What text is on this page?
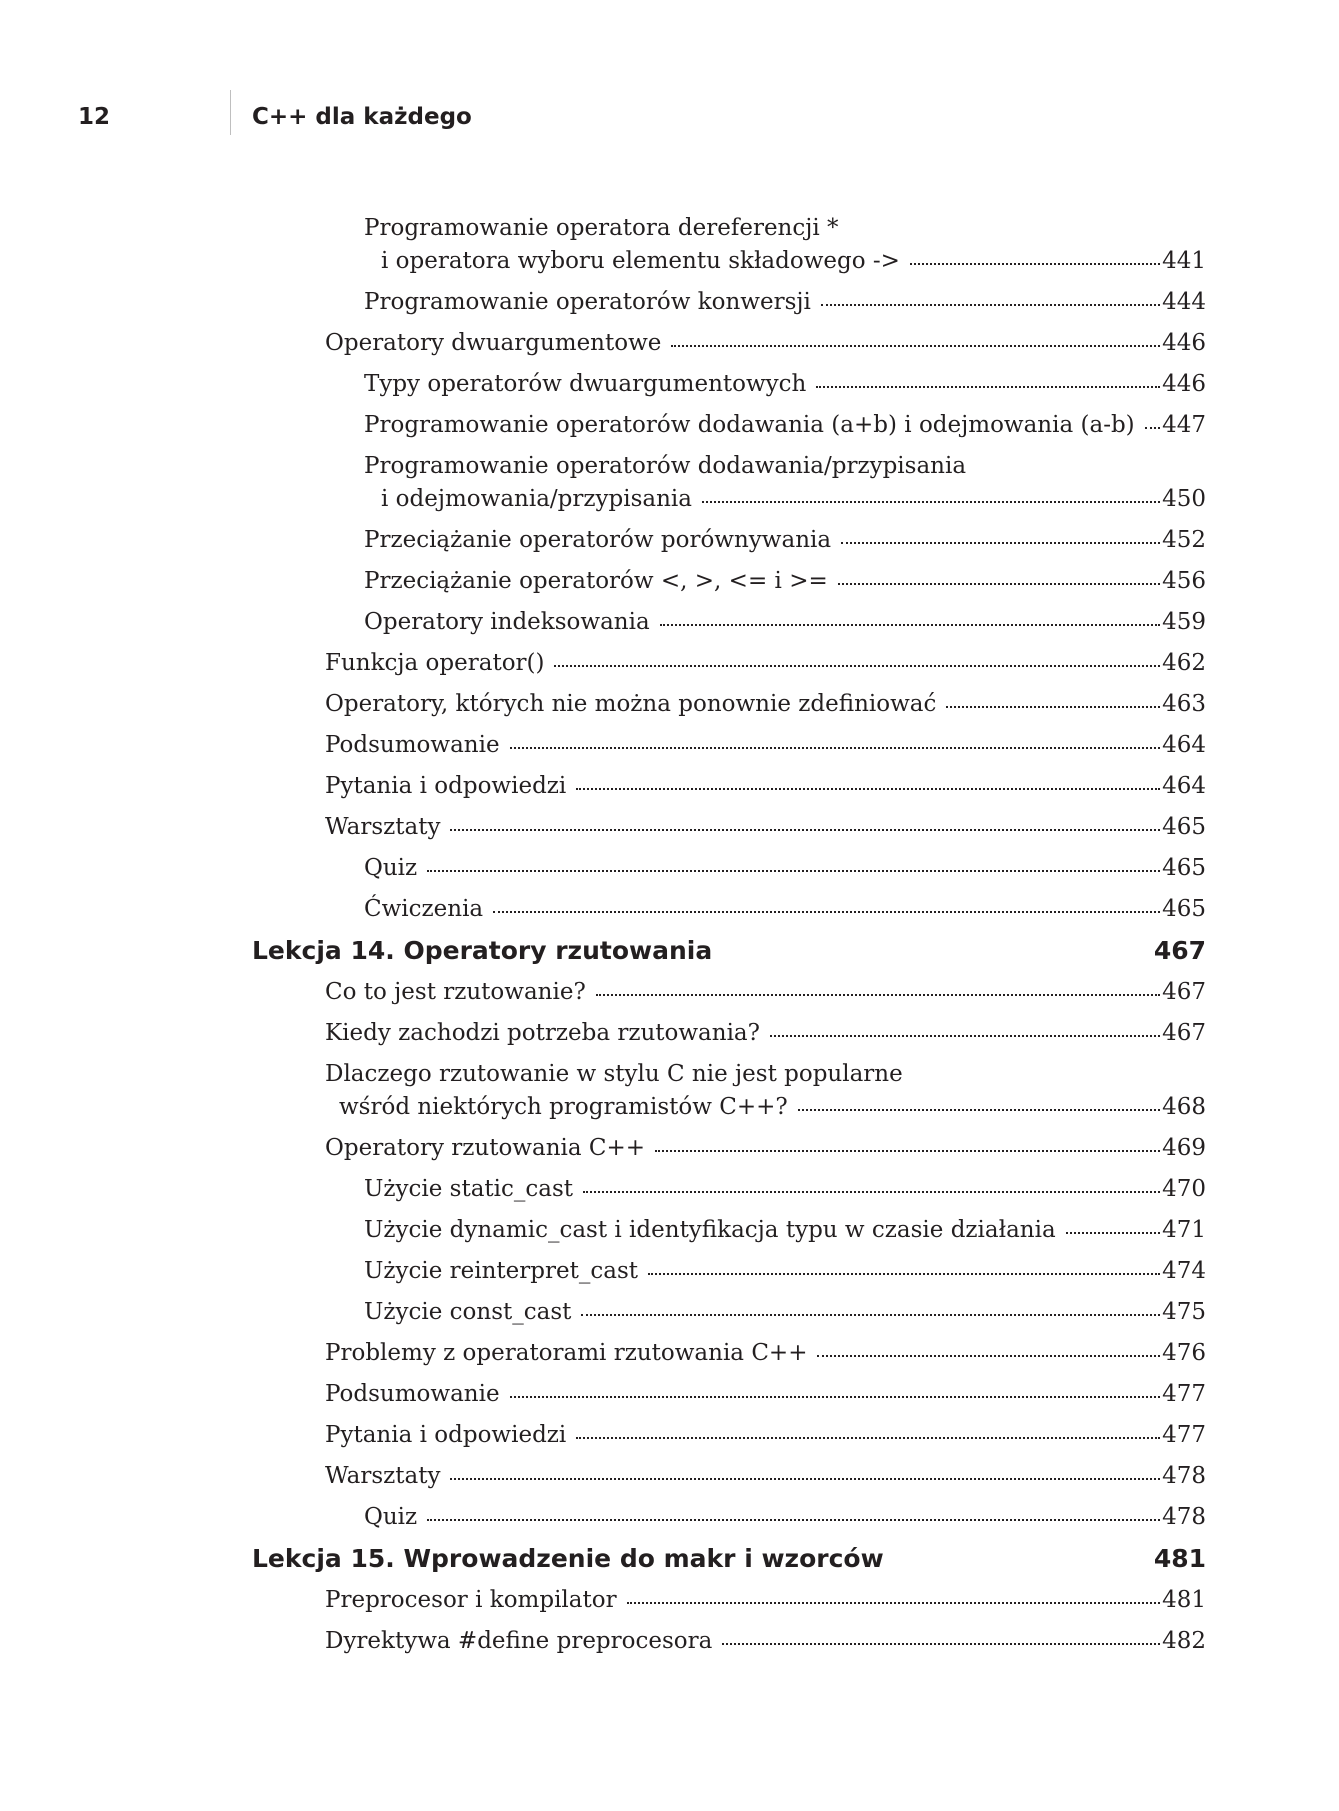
12	C++ dla każdego
Programowanie operatora dereferencji *
i operatora wyboru elementu składowego ->	441
Programowanie operatorów konwersji	444
Operatory dwuargumentowe	446
Typy operatorów dwuargumentowych	446
Programowanie operatorów dodawania (a+b) i odejmowania (a-b) 447
Programowanie operatorów dodawania/przypisania
i odejmowania/przypisania	450
Przeciążanie operatorów porównywania	452
Przeciążanie operatorów <, >, <= i >=	456
Operatory indeksowania	459
Funkcja operator()	462
Operatory, których nie można ponownie zdefiniować	463
Podsumowanie	464
Pytania i odpowiedzi	464
Warsztaty	465
Quiz	465
Ćwiczenia	465
Lekcja 14. Operatory rzutowania	467
Co to jest rzutowanie?	467
Kiedy zachodzi potrzeba rzutowania?	467
Dlaczego rzutowanie w stylu C nie jest popularne
wśród niektórych programistów C++?	468
Operatory rzutowania C++	469
Użycie static_cast	470
Użycie dynamic_cast i identyfikacja typu w czasie działania	471
Użycie reinterpret_cast	474
Użycie const_cast	475
Problemy z operatorami rzutowania C++	476
Podsumowanie	477
Pytania i odpowiedzi	477
Warsztaty	478
Quiz	478
Lekcja 15. Wprowadzenie do makr i wzorców	481
Preprocesor i kompilator	481
Dyrektywa #define preprocesora	482
